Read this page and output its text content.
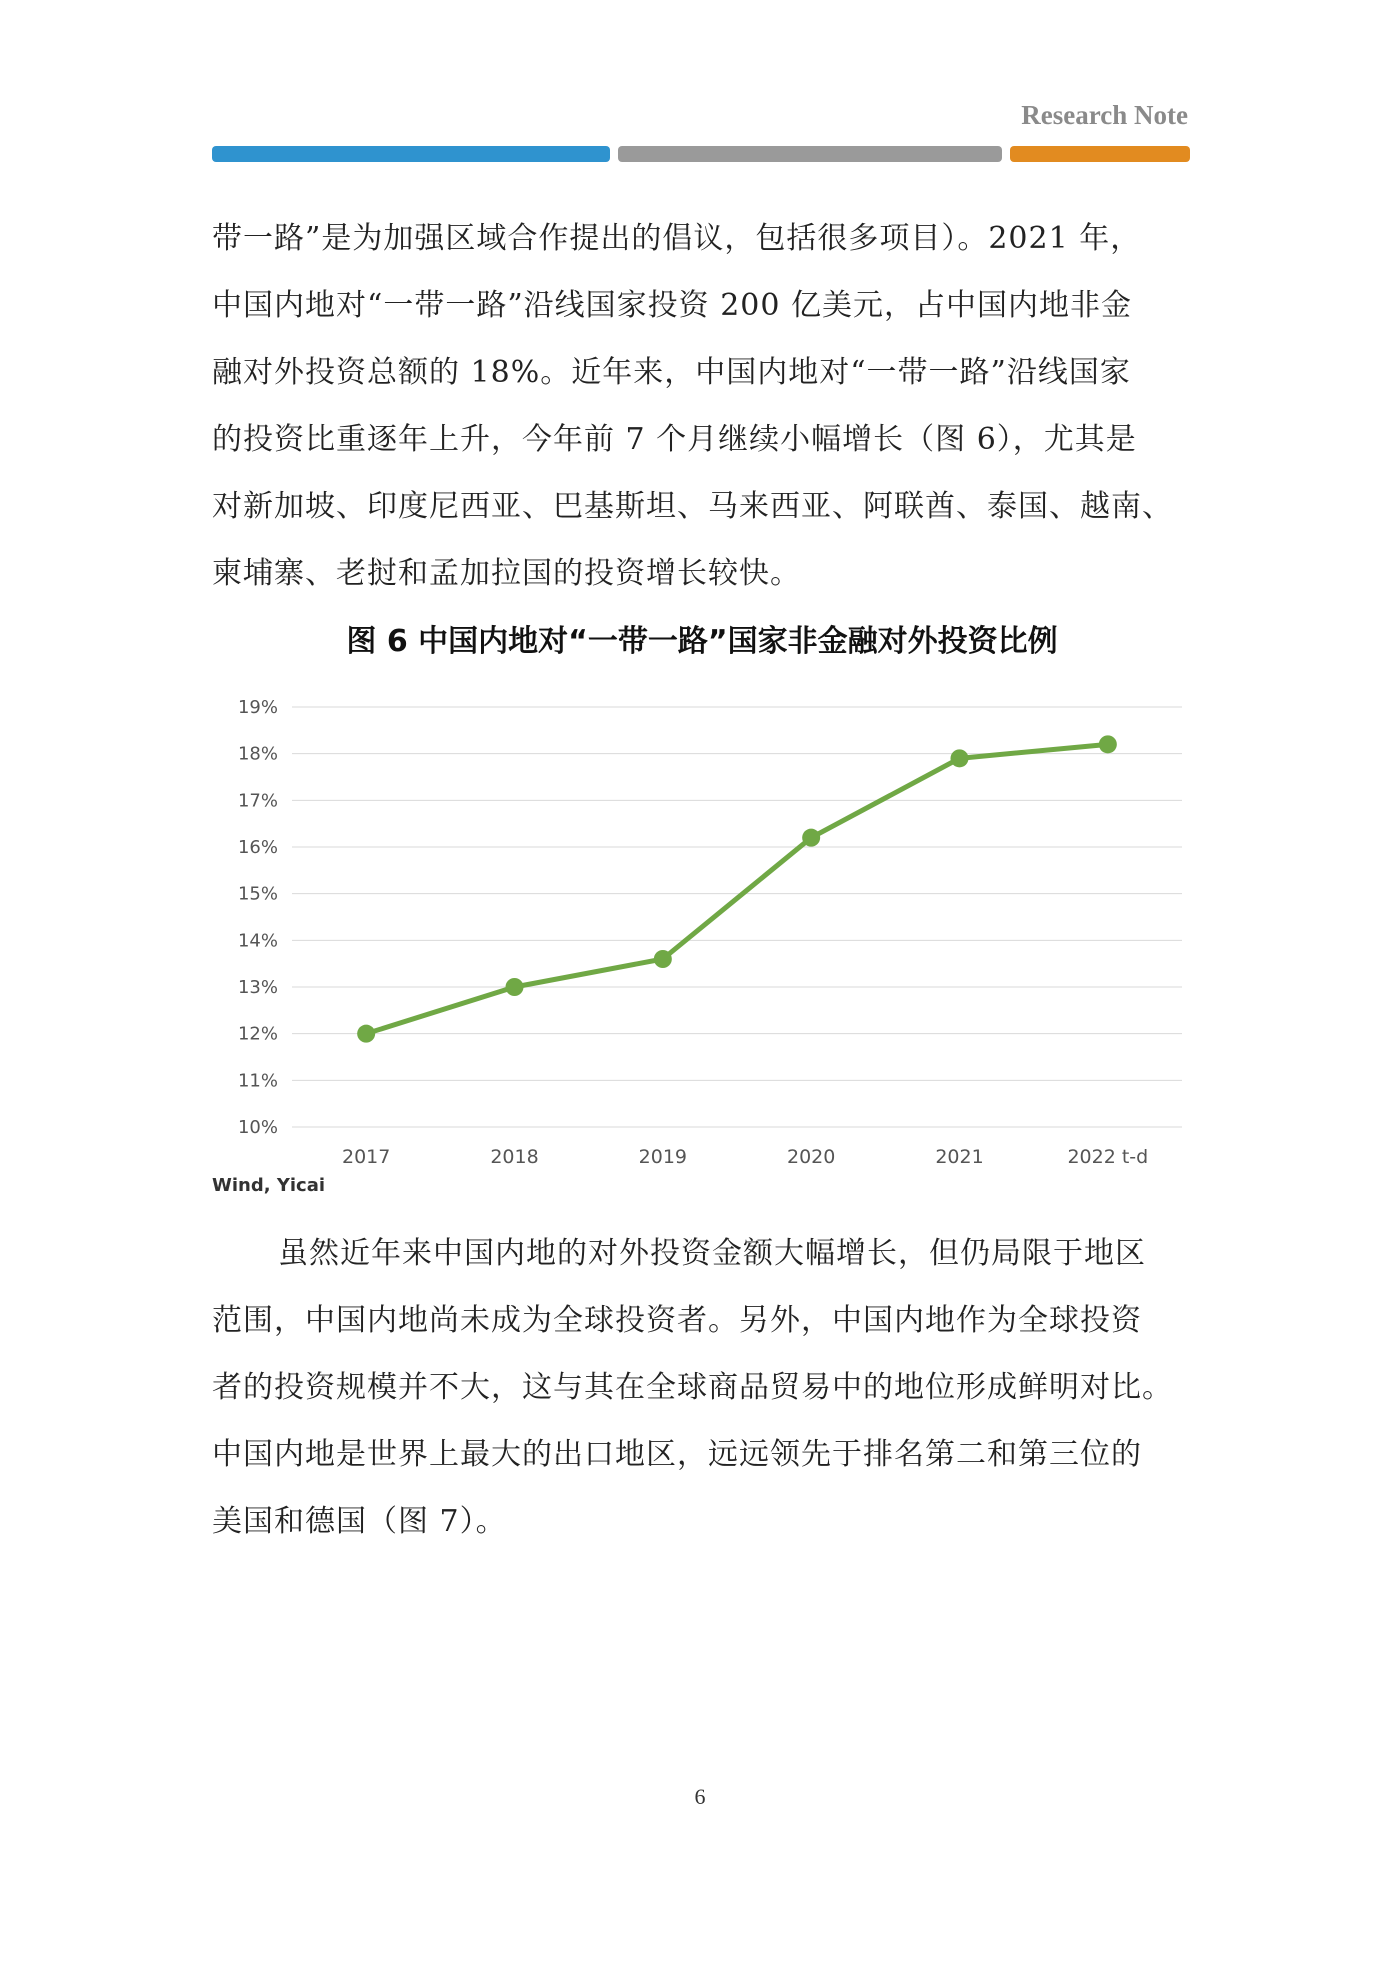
Research Note

带一路”是为加强区域合作提出的倡议，包括很多项目）。2021 年，
中国内地对“一带一路”沿线国家投资 200 亿美元，占中国内地非金
融对外投资总额的 18%。近年来，中国内地对“一带一路”沿线国家
的投资比重逐年上升，今年前 7 个月继续小幅增长（图 6），尤其是
对新加坡、印度尼西亚、巴基斯坦、马来西亚、阿联酋、泰国、越南、
柬埔寨、老挝和孟加拉国的投资增长较快。

图 6 中国内地对“一带一路”国家非金融对外投资比例
10%
11%
12%
13%
14%
15%
16%
17%
18%
19%
2017	2018	2019	2020	2021	2022 t-d
Wind, Yicai

虽然近年来中国内地的对外投资金额大幅增长，但仍局限于地区
范围，中国内地尚未成为全球投资者。另外，中国内地作为全球投资
者的投资规模并不大，这与其在全球商品贸易中的地位形成鲜明对比。
中国内地是世界上最大的出口地区，远远领先于排名第二和第三位的
美国和德国（图 7）。

6
